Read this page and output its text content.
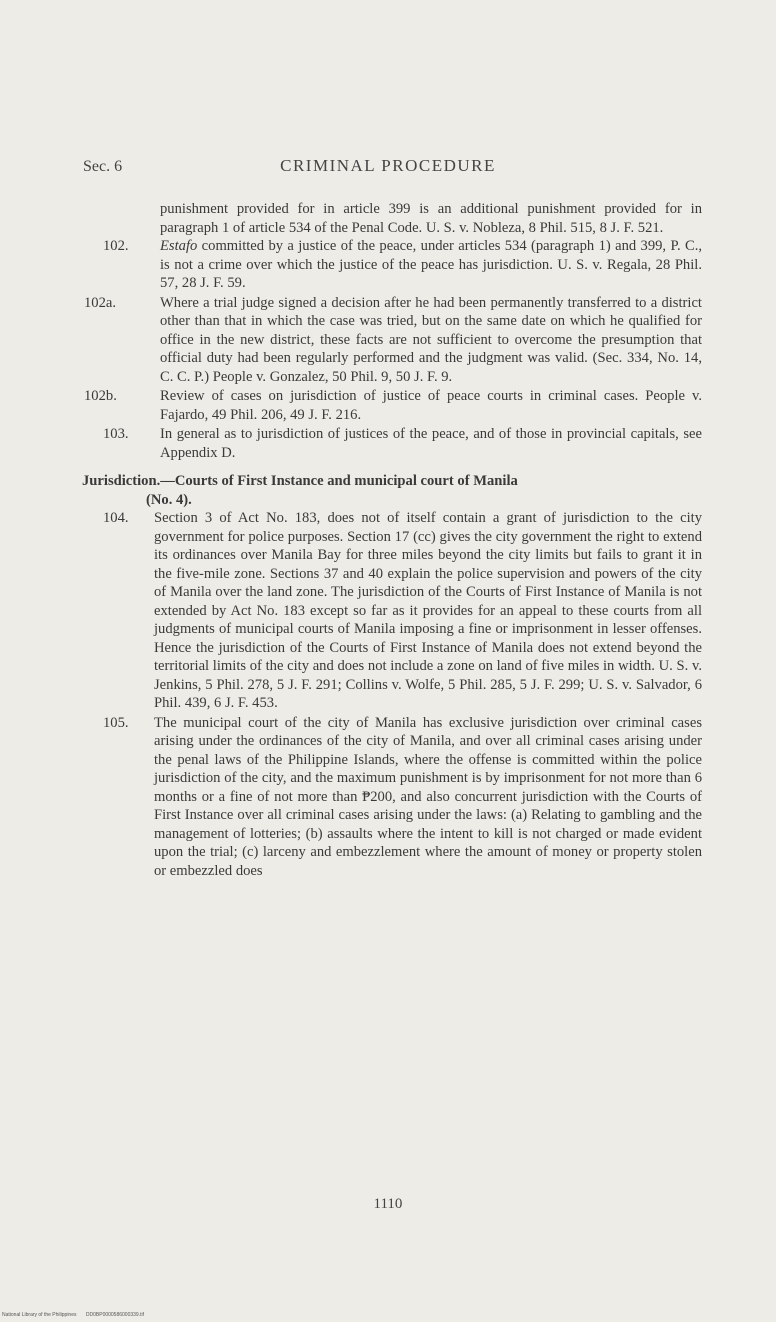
Sec. 6	CRIMINAL PROCEDURE

punishment provided for in article 399 is an additional punishment provided for in paragraph 1 of article 534 of the Penal Code. U. S. v. Nobleza, 8 Phil. 515, 8 J. F. 521.

102. Estafo committed by a justice of the peace, under articles 534 (paragraph 1) and 399, P. C., is not a crime over which the justice of the peace has jurisdiction. U. S. v. Regala, 28 Phil. 57, 28 J. F. 59.

102a.	Where a trial judge signed a decision after he had been permanently transferred to a district other than that in which the case was tried, but on the same date on which he qualified for office in the new district, these facts are not sufficient to overcome the presumption that official duty had been regularly performed and the judgment was valid. (Sec. 334, No. 14, C. C. P.) People v. Gonzalez, 50 Phil. 9, 50 J. F. 9.

102b.	Review of cases on jurisdiction of justice of peace courts in criminal cases. People v. Fajardo, 49 Phil. 206, 49 J. F. 216.

103. In general as to jurisdiction of justices of the peace, and of those in provincial capitals, see Appendix D.

Jurisdiction.—Courts of First Instance and municipal court of Manila
(No. 4).

104. Section 3 of Act No. 183, does not of itself contain a grant of jurisdiction to the city government for police purposes. Section 17 (cc) gives the city government the right to extend its ordinances over Manila Bay for three miles beyond the city limits but fails to grant it in the five-mile zone. Sections 37 and 40 explain the police supervision and powers of the city of Manila over the land zone. The jurisdiction of the Courts of First Instance of Manila is not extended by Act No. 183 except so far as it provides for an appeal to these courts from all judgments of municipal courts of Manila imposing a fine or imprisonment in lesser offenses. Hence the jurisdiction of the Courts of First Instance of Manila does not extend beyond the territorial limits of the city and does not include a zone on land of five miles in width. U. S. v. Jenkins, 5 Phil. 278, 5 J. F. 291; Collins v. Wolfe, 5 Phil. 285, 5 J. F. 299; U. S. v. Salvador, 6 Phil. 439, 6 J. F. 453.

105. The municipal court of the city of Manila has exclusive jurisdiction over criminal cases arising under the ordinances of the city of Manila, and over all criminal cases arising under the penal laws of the Philippine Islands, where the offense is committed within the police jurisdiction of the city, and the maximum punishment is by imprisonment for not more than 6 months or a fine of not more than ₱200, and also concurrent jurisdiction with the Courts of First Instance over all criminal cases arising under the laws: (a) Relating to gambling and the management of lotteries; (b) assaults where the intent to kill is not charged or made evident upon the trial; (c) larceny and embezzlement where the amount of money or property stolen or embezzled does

1110
National Library of the Philippines DD0BP0000586000339.tif
